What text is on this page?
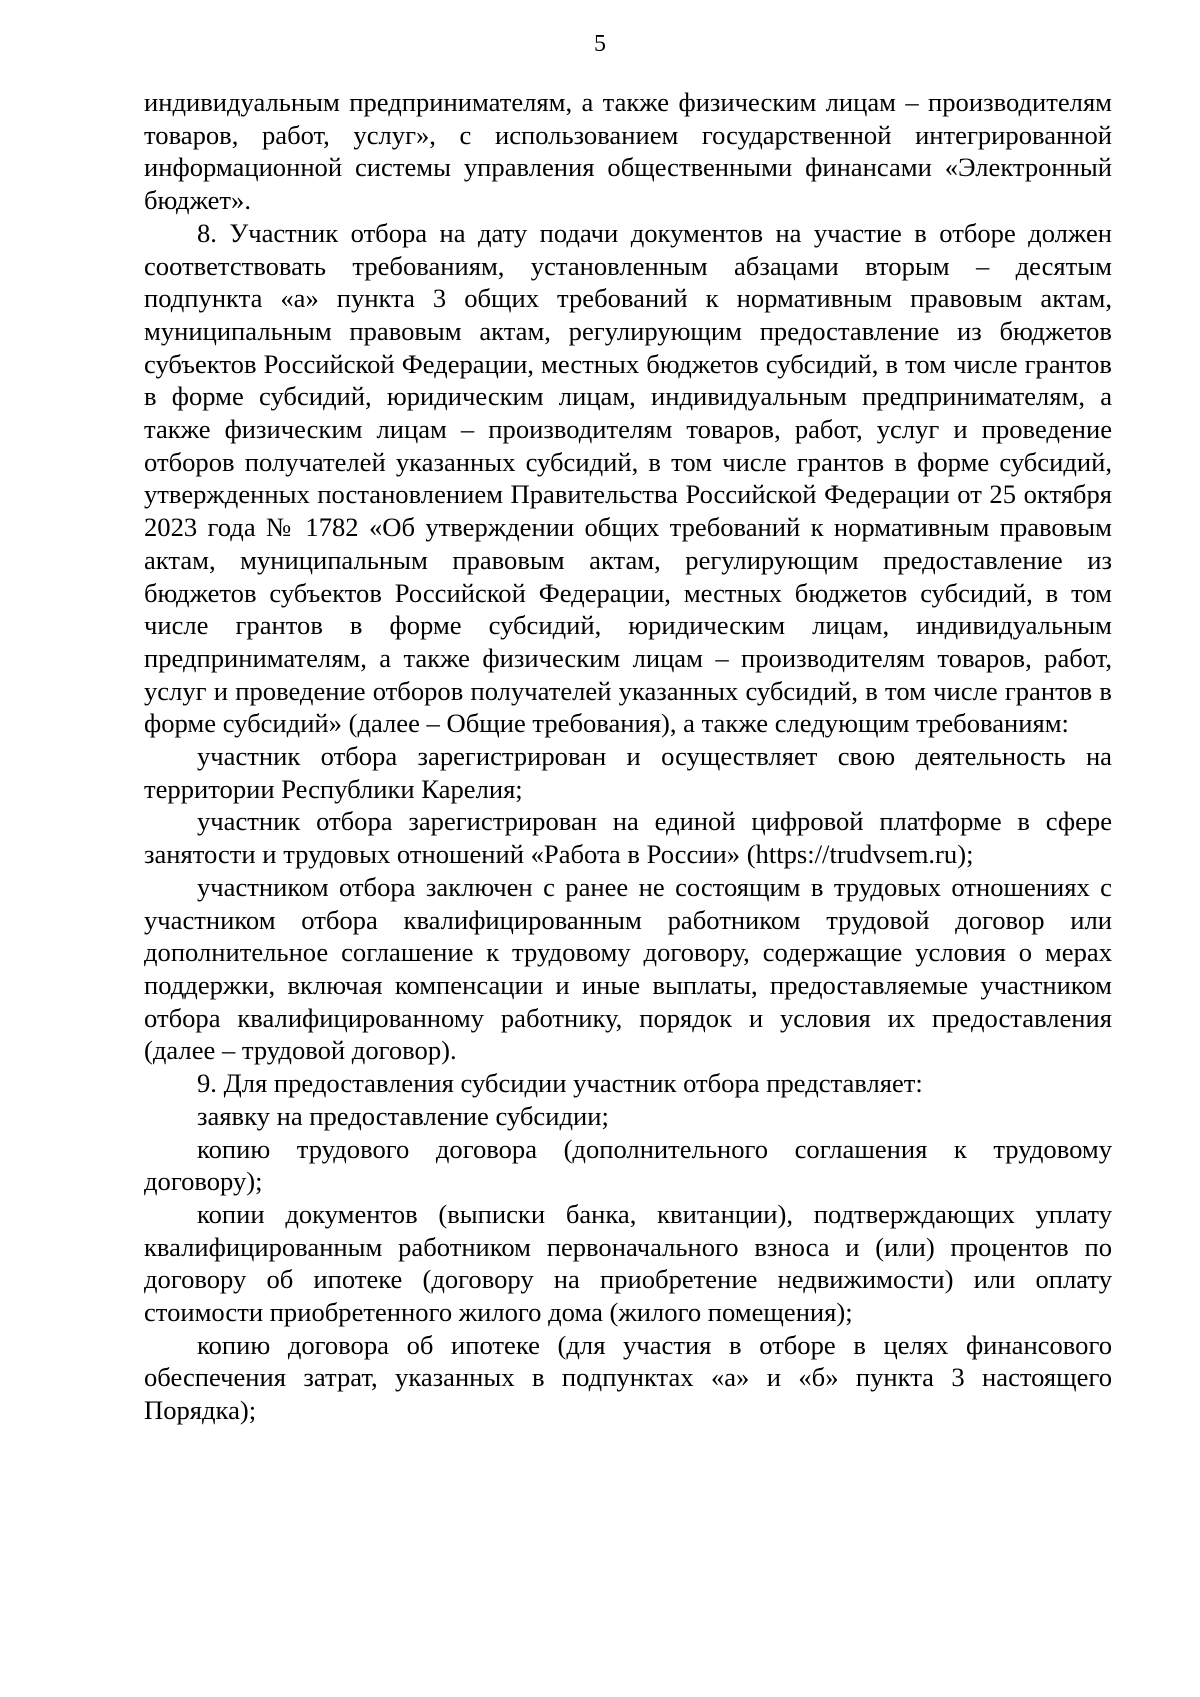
5

индивидуальным предпринимателям, а также физическим лицам – производителям товаров, работ, услуг», с использованием государственной интегрированной информационной системы управления общественными финансами «Электронный бюджет».

8. Участник отбора на дату подачи документов на участие в отборе должен соответствовать требованиям, установленным абзацами вторым – десятым подпункта «а» пункта 3 общих требований к нормативным правовым актам, муниципальным правовым актам, регулирующим предоставление из бюджетов субъектов Российской Федерации, местных бюджетов субсидий, в том числе грантов в форме субсидий, юридическим лицам, индивидуальным предпринимателям, а также физическим лицам – производителям товаров, работ, услуг и проведение отборов получателей указанных субсидий, в том числе грантов в форме субсидий, утвержденных постановлением Правительства Российской Федерации от 25 октября 2023 года № 1782 «Об утверждении общих требований к нормативным правовым актам, муниципальным правовым актам, регулирующим предоставление из бюджетов субъектов Российской Федерации, местных бюджетов субсидий, в том числе грантов в форме субсидий, юридическим лицам, индивидуальным предпринимателям, а также физическим лицам – производителям товаров, работ, услуг и проведение отборов получателей указанных субсидий, в том числе грантов в форме субсидий» (далее – Общие требования), а также следующим требованиям:

участник отбора зарегистрирован и осуществляет свою деятельность на территории Республики Карелия;

участник отбора зарегистрирован на единой цифровой платформе в сфере занятости и трудовых отношений «Работа в России» (https://trudvsem.ru);

участником отбора заключен с ранее не состоящим в трудовых отношениях с участником отбора квалифицированным работником трудовой договор или дополнительное соглашение к трудовому договору, содержащие условия о мерах поддержки, включая компенсации и иные выплаты, предоставляемые участником отбора квалифицированному работнику, порядок и условия их предоставления (далее – трудовой договор).

9. Для предоставления субсидии участник отбора представляет:

заявку на предоставление субсидии;

копию трудового договора (дополнительного соглашения к трудовому договору);

копии документов (выписки банка, квитанции), подтверждающих уплату квалифицированным работником первоначального взноса и (или) процентов по договору об ипотеке (договору на приобретение недвижимости) или оплату стоимости приобретенного жилого дома (жилого помещения);

копию договора об ипотеке (для участия в отборе в целях финансового обеспечения затрат, указанных в подпунктах «а» и «б» пункта 3 настоящего Порядка);
